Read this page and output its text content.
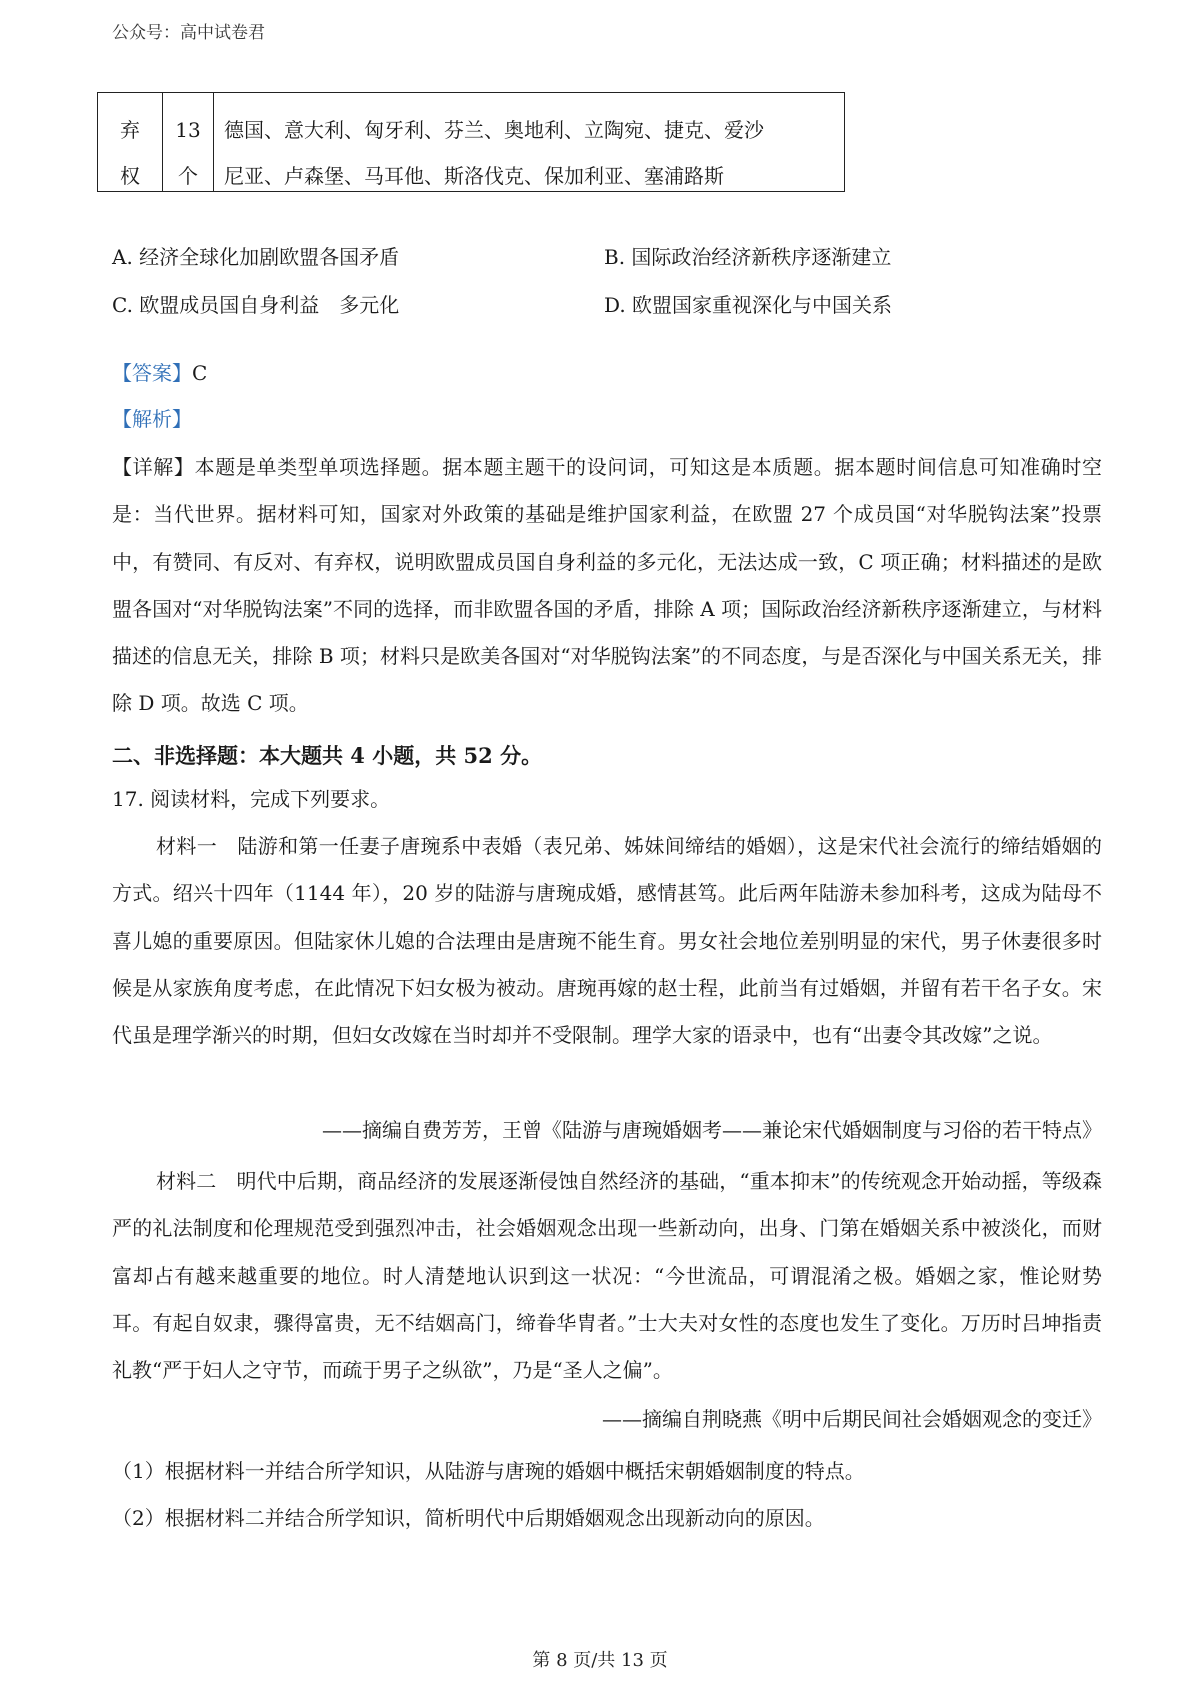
公众号：高中试卷君
弃
权

13
个

德国、意大利、匈牙利、芬兰、奥地利、立陶宛、捷克、爱沙
尼亚、卢森堡、马耳他、斯洛伐克、保加利亚、塞浦路斯
A. 经济全球化加剧欧盟各国矛盾	B. 国际政治经济新秩序逐渐建立
C. 欧盟成员国自身利益　多元化	D. 欧盟国家重视深化与中国关系
【答案】C
【解析】
【详解】本题是单类型单项选择题。据本题主题干的设问词，可知这是本质题。据本题时间信息可知准确时空是：当代世界。据材料可知，国家对外政策的基础是维护国家利益，在欧盟 27 个成员国“对华脱钩法案”投票中，有赞同、有反对、有弃权，说明欧盟成员国自身利益的多元化，无法达成一致，C 项正确；材料描述的是欧盟各国对“对华脱钩法案”不同的选择，而非欧盟各国的矛盾，排除 A 项；国际政治经济新秩序逐渐建立，与材料描述的信息无关，排除 B 项；材料只是欧美各国对“对华脱钩法案”的不同态度，与是否深化与中国关系无关，排除 D 项。故选 C 项。
二、非选择题：本大题共 4 小题，共 52 分。
17. 阅读材料，完成下列要求。
材料一　陆游和第一任妻子唐琬系中表婚（表兄弟、姊妹间缔结的婚姻），这是宋代社会流行的缔结婚姻的方式。绍兴十四年（1144 年），20 岁的陆游与唐琬成婚，感情甚笃。此后两年陆游未参加科考，这成为陆母不喜儿媳的重要原因。但陆家休儿媳的合法理由是唐琬不能生育。男女社会地位差别明显的宋代，男子休妻很多时候是从家族角度考虑，在此情况下妇女极为被动。唐琬再嫁的赵士程，此前当有过婚姻，并留有若干名子女。宋代虽是理学渐兴的时期，但妇女改嫁在当时却并不受限制。理学大家的语录中，也有“出妻令其改嫁”之说。
——摘编自费芳芳，王曾《陆游与唐琬婚姻考——兼论宋代婚姻制度与习俗的若干特点》
材料二　明代中后期，商品经济的发展逐渐侵蚀自然经济的基础，“重本抑末”的传统观念开始动摇，等级森严的礼法制度和伦理规范受到强烈冲击，社会婚姻观念出现一些新动向，出身、门第在婚姻关系中被淡化，而财富却占有越来越重要的地位。时人清楚地认识到这一状况：“今世流品，可谓混淆之极。婚姻之家，惟论财势耳。有起自奴隶，骤得富贵，无不结姻高门，缔眷华胄者。”士大夫对女性的态度也发生了变化。万历时吕坤指责礼教“严于妇人之守节，而疏于男子之纵欲”，乃是“圣人之偏”。
——摘编自荆晓燕《明中后期民间社会婚姻观念的变迁》
（1）根据材料一并结合所学知识，从陆游与唐琬的婚姻中概括宋朝婚姻制度的特点。
（2）根据材料二并结合所学知识，简析明代中后期婚姻观念出现新动向的原因。
第 8 页/共 13 页
